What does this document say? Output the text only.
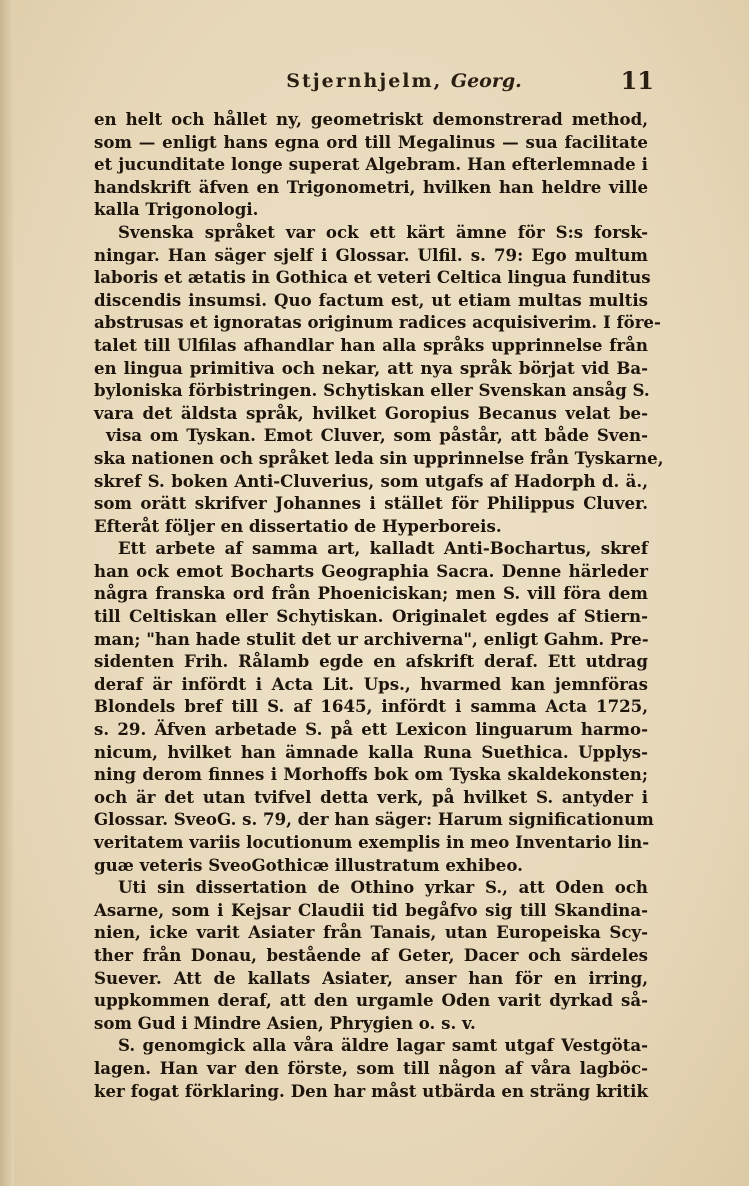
Stjernhjelm, Georg.	11
en helt och hållet ny, geometriskt demonstrerad method,
som — enligt hans egna ord till Megalinus — sua facilitate
et jucunditate longe superat Algebram. Han efterlemnade i
handskrift äfven en Trigonometri, hvilken han heldre ville
kalla Trigonologi.
Svenska språket var ock ett kärt ämne för S:s forsk-
ningar. Han säger sjelf i Glossar. Ulfil. s. 79: Ego multum
laboris et ætatis in Gothica et veteri Celtica lingua funditus
discendis insumsi. Quo factum est, ut etiam multas multis
abstrusas et ignoratas originum radices acquisiverim. I före-
talet till Ulfilas afhandlar han alla språks upprinnelse från
en lingua primitiva och nekar, att nya språk börjat vid Ba-
byloniska förbistringen. Schytiskan eller Svenskan ansåg S.
vara det äldsta språk, hvilket Goropius Becanus velat be-
visa om Tyskan. Emot Cluver, som påstår, att både Sven-
ska nationen och språket leda sin upprinnelse från Tyskarne,
skref S. boken Anti-Cluverius, som utgafs af Hadorph d. ä.,
som orätt skrifver Johannes i stället för Philippus Cluver.
Efteråt följer en dissertatio de Hyperboreis.
Ett arbete af samma art, kalladt Anti-Bochartus, skref
han ock emot Bocharts Geographia Sacra. Denne härleder
några franska ord från Phoeniciskan; men S. vill föra dem
till Celtiskan eller Schytiskan. Originalet egdes af Stiern-
man; "han hade stulit det ur archiverna", enligt Gahm. Pre-
sidenten Frih. Rålamb egde en afskrift deraf. Ett utdrag
deraf är infördt i Acta Lit. Ups., hvarmed kan jemnföras
Blondels bref till S. af 1645, infördt i samma Acta 1725,
s. 29. Äfven arbetade S. på ett Lexicon linguarum harmo-
nicum, hvilket han ämnade kalla Runa Suethica. Upplys-
ning derom finnes i Morhoffs bok om Tyska skaldekonsten;
och är det utan tvifvel detta verk, på hvilket S. antyder i
Glossar. SveoG. s. 79, der han säger: Harum significationum
veritatem variis locutionum exemplis in meo Inventario lin-
guæ veteris SveoGothicæ illustratum exhibeo.
Uti sin dissertation de Othino yrkar S., att Oden och
Asarne, som i Kejsar Claudii tid begåfvo sig till Skandina-
nien, icke varit Asiater från Tanais, utan Europeiska Scy-
ther från Donau, bestående af Geter, Dacer och särdeles
Suever. Att de kallats Asiater, anser han för en irring,
uppkommen deraf, att den urgamle Oden varit dyrkad så-
som Gud i Mindre Asien, Phrygien o. s. v.
S. genomgick alla våra äldre lagar samt utgaf Vestgöta-
lagen. Han var den förste, som till någon af våra lagböc-
ker fogat förklaring. Den har måst utbärda en sträng kritik
